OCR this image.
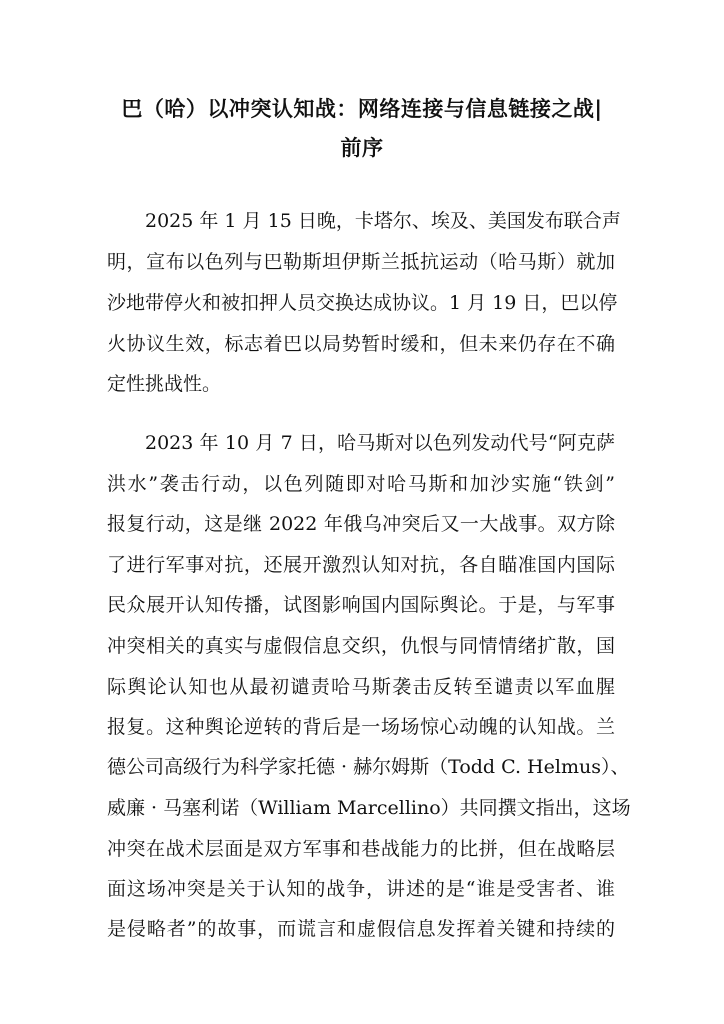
巴（哈）以冲突认知战：网络连接与信息链接之战|
前序
2025 年 1 月 15 日晚，卡塔尔、埃及、美国发布联合声
明，宣布以色列与巴勒斯坦伊斯兰抵抗运动（哈马斯）就加
沙地带停火和被扣押人员交换达成协议。1 月 19 日，巴以停
火协议生效，标志着巴以局势暂时缓和，但未来仍存在不确
定性挑战性。
2023 年 10 月 7 日，哈马斯对以色列发动代号“阿克萨
洪水”袭击行动，以色列随即对哈马斯和加沙实施“铁剑”
报复行动，这是继 2022 年俄乌冲突后又一大战事。双方除
了进行军事对抗，还展开激烈认知对抗，各自瞄准国内国际
民众展开认知传播，试图影响国内国际舆论。于是，与军事
冲突相关的真实与虚假信息交织，仇恨与同情情绪扩散，国
际舆论认知也从最初谴责哈马斯袭击反转至谴责以军血腥
报复。这种舆论逆转的背后是一场场惊心动魄的认知战。兰
德公司高级行为科学家托德 · 赫尔姆斯（Todd C. Helmus）、
威廉 · 马塞利诺（William Marcellino）共同撰文指出，这场
冲突在战术层面是双方军事和巷战能力的比拼，但在战略层
面这场冲突是关于认知的战争，讲述的是“谁是受害者、谁
是侵略者”的故事，而谎言和虚假信息发挥着关键和持续的
